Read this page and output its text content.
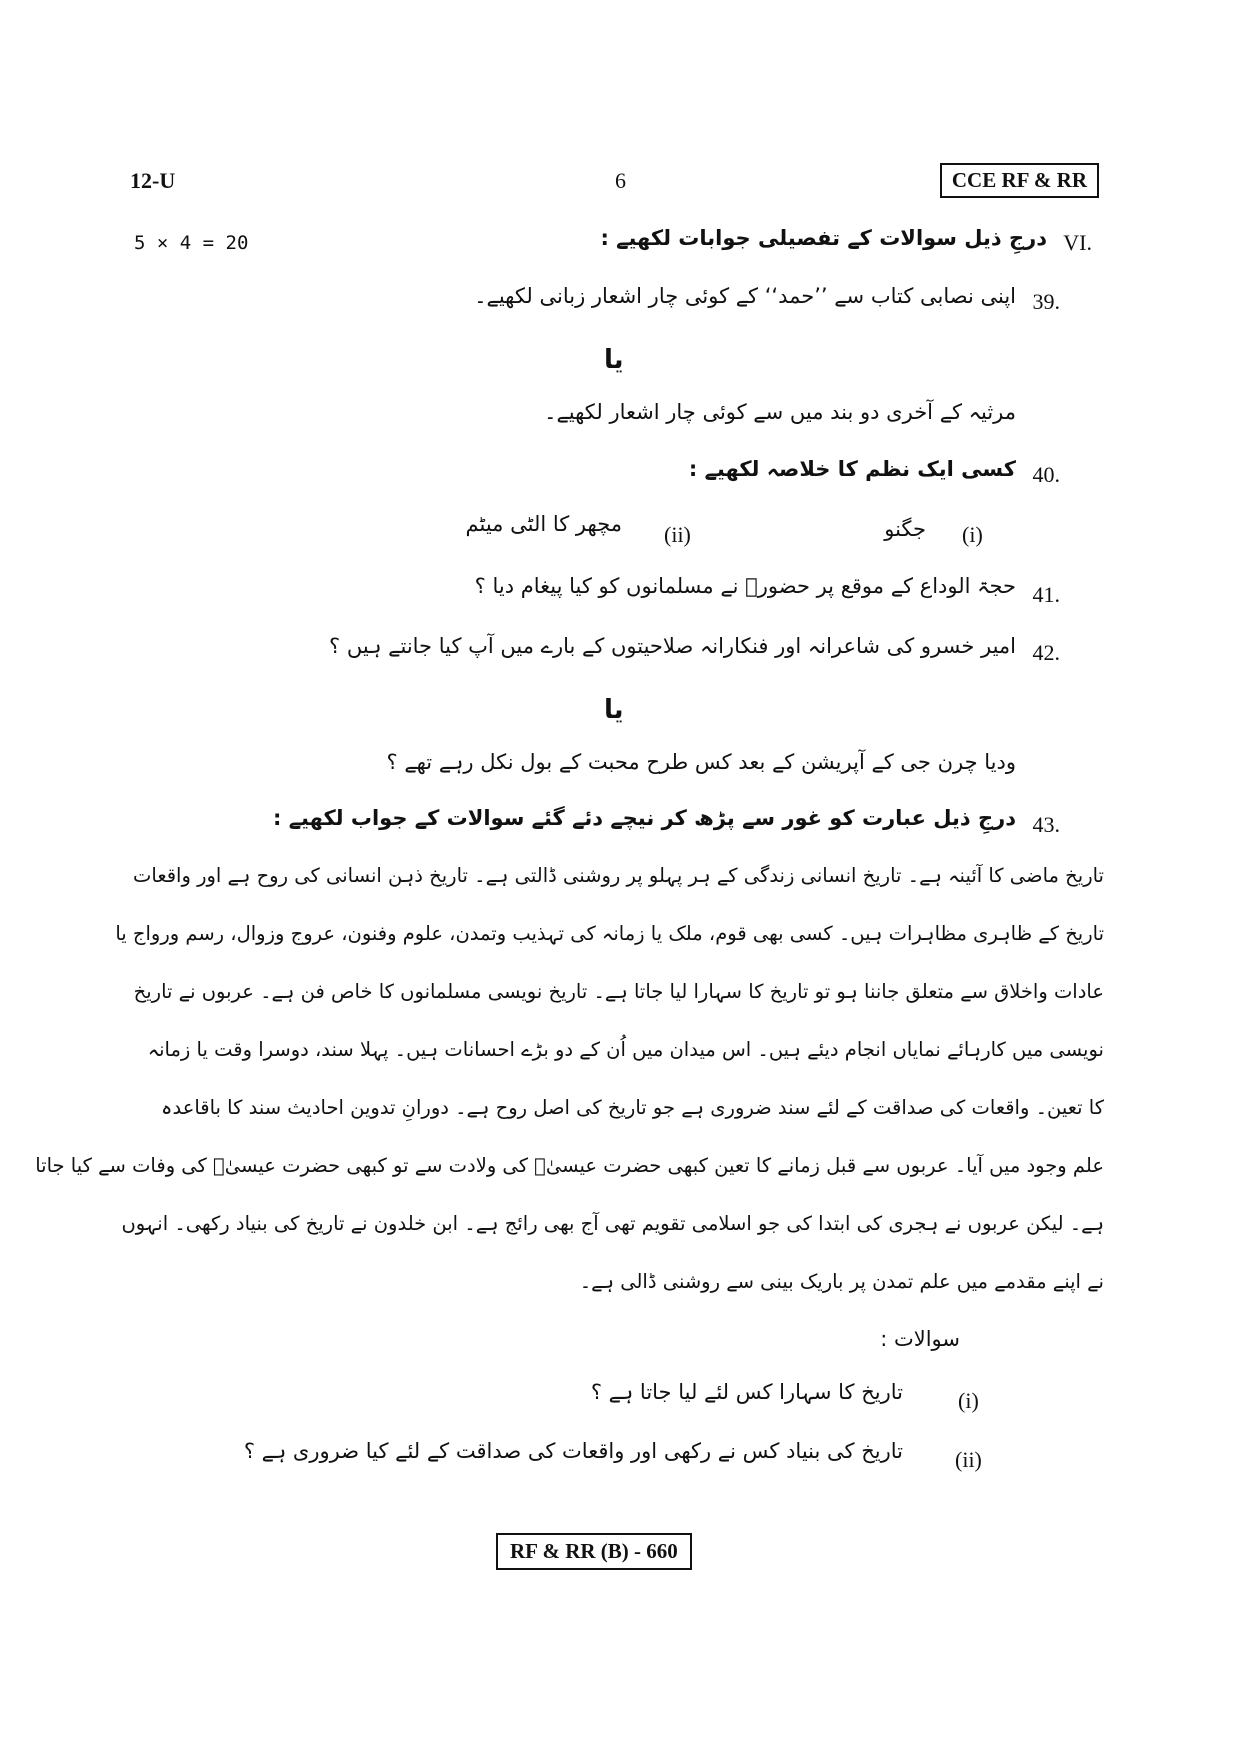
12-U	6	CCE RF & RR
5 × 4 = 20	VI.
درجِ ذیل سوالات کے تفصیلی جوابات لکھیے :
39.
اپنی نصابی کتاب سے ’’حمد‘‘ کے کوئی چار اشعار زبانی لکھیے۔
یا
مرثیہ کے آخری دو بند میں سے کوئی چار اشعار لکھیے۔
40.
کسی ایک نظم کا خلاصہ لکھیے :
(i)
جگنو
(ii)
مچھر کا الٹی میٹم
41.
حجۃ الوداع کے موقع پر حضورؐ نے مسلمانوں کو کیا پیغام دیا ؟
42.
امیر خسرو کی شاعرانہ اور فنکارانہ صلاحیتوں کے بارے میں آپ کیا جانتے ہیں ؟
یا
ودیا چرن جی کے آپریشن کے بعد کس طرح محبت کے بول نکل رہے تھے ؟
43.
درجِ ذیل عبارت کو غور سے پڑھ کر نیچے دئے گئے سوالات کے جواب لکھیے :
تاریخ ماضی کا آئینہ ہے۔ تاریخ انسانی زندگی کے ہر پہلو پر روشنی ڈالتی ہے۔ تاریخ ذہن انسانی کی روح ہے اور واقعات
تاریخ کے ظاہری مظاہرات ہیں۔ کسی بھی قوم، ملک یا زمانہ کی تہذیب وتمدن، علوم وفنون، عروج وزوال، رسم ورواج یا
عادات واخلاق سے متعلق جاننا ہو تو تاریخ کا سہارا لیا جاتا ہے۔ تاریخ نویسی مسلمانوں کا خاص فن ہے۔ عربوں نے تاریخ
نویسی میں کارہائے نمایاں انجام دیئے ہیں۔ اس میدان میں اُن کے دو بڑے احسانات ہیں۔ پہلا سند، دوسرا وقت یا زمانہ
کا تعین۔ واقعات کی صداقت کے لئے سند ضروری ہے جو تاریخ کی اصل روح ہے۔ دورانِ تدوین احادیث سند کا باقاعدہ
علم وجود میں آیا۔ عربوں سے قبل زمانے کا تعین کبھی حضرت عیسیٰؑ کی ولادت سے تو کبھی حضرت عیسیٰؑ کی وفات سے کیا جاتا
ہے۔ لیکن عربوں نے ہجری کی ابتدا کی جو اسلامی تقویم تھی آج بھی رائج ہے۔ ابن خلدون نے تاریخ کی بنیاد رکھی۔ انہوں
نے اپنے مقدمے میں علم تمدن پر باریک بینی سے روشنی ڈالی ہے۔
سوالات :
(i)
تاریخ کا سہارا کس لئے لیا جاتا ہے ؟
(ii)
تاریخ کی بنیاد کس نے رکھی اور واقعات کی صداقت کے لئے کیا ضروری ہے ؟
RF & RR (B) - 660
